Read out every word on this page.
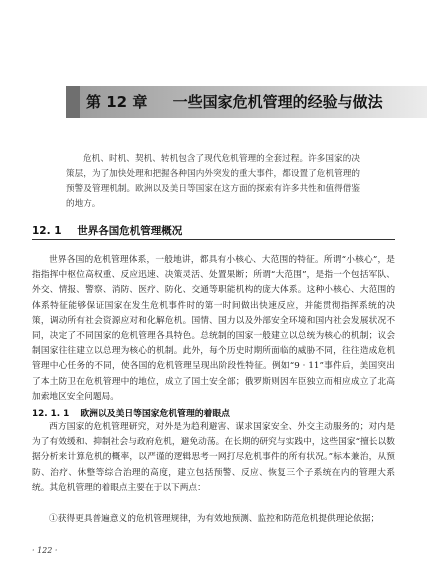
第 12 章 一些国家危机管理的经验与做法

危机、时机、契机、转机包含了现代危机管理的全套过程。许多国家的决策层，为了加快处理和把握各种国内外突发的重大事件，都设置了危机管理的预警及管理机制。欧洲以及美日等国家在这方面的探索有许多共性和值得借鉴的地方。

12. 1 世界各国危机管理概况

世界各国的危机管理体系，一般地讲，都具有小核心、大范围的特征。所谓“小核心”，是指指挥中枢位高权重、反应迅速、决策灵活、处置果断；所谓“大范围”，是指一个包括军队、外交、情报、警察、消防、医疗、防化、交通等职能机构的庞大体系。这种小核心、大范围的体系特征能够保证国家在发生危机事件时的第一时间做出快速反应，并能贯彻指挥系统的决策，调动所有社会资源应对和化解危机。国情、国力以及外部安全环境和国内社会发展状况不同，决定了不同国家的危机管理各具特色。总统制的国家一般建立以总统为核心的机制；议会制国家往往建立以总理为核心的机制。此外，每个历史时期所面临的威胁不同，往往造成危机管理中心任务的不同，使各国的危机管理呈现出阶段性特征。例如“9 · 11”事件后，美国突出了本土防卫在危机管理中的地位，成立了国土安全部；俄罗斯则因车臣独立而相应成立了北高加索地区安全问题局。

12. 1. 1 欧洲以及美日等国家危机管理的着眼点

西方国家的危机管理研究，对外是为趋利避害、谋求国家安全、外交主动服务的；对内是为了有效缓和、抑制社会与政府危机，避免动荡。在长期的研究与实践中，这些国家“擅长以数据分析来计算危机的概率，以严谨的逻辑思考一网打尽危机事件的所有状况。”标本兼治，从预防、治疗、休整等综合治理的高度，建立包括预警、反应、恢复三个子系统在内的管理大系统。其危机管理的着眼点主要在于以下两点：

①获得更具普遍意义的危机管理规律，为有效地预测、监控和防范危机提供理论依据；

· 122 ·
